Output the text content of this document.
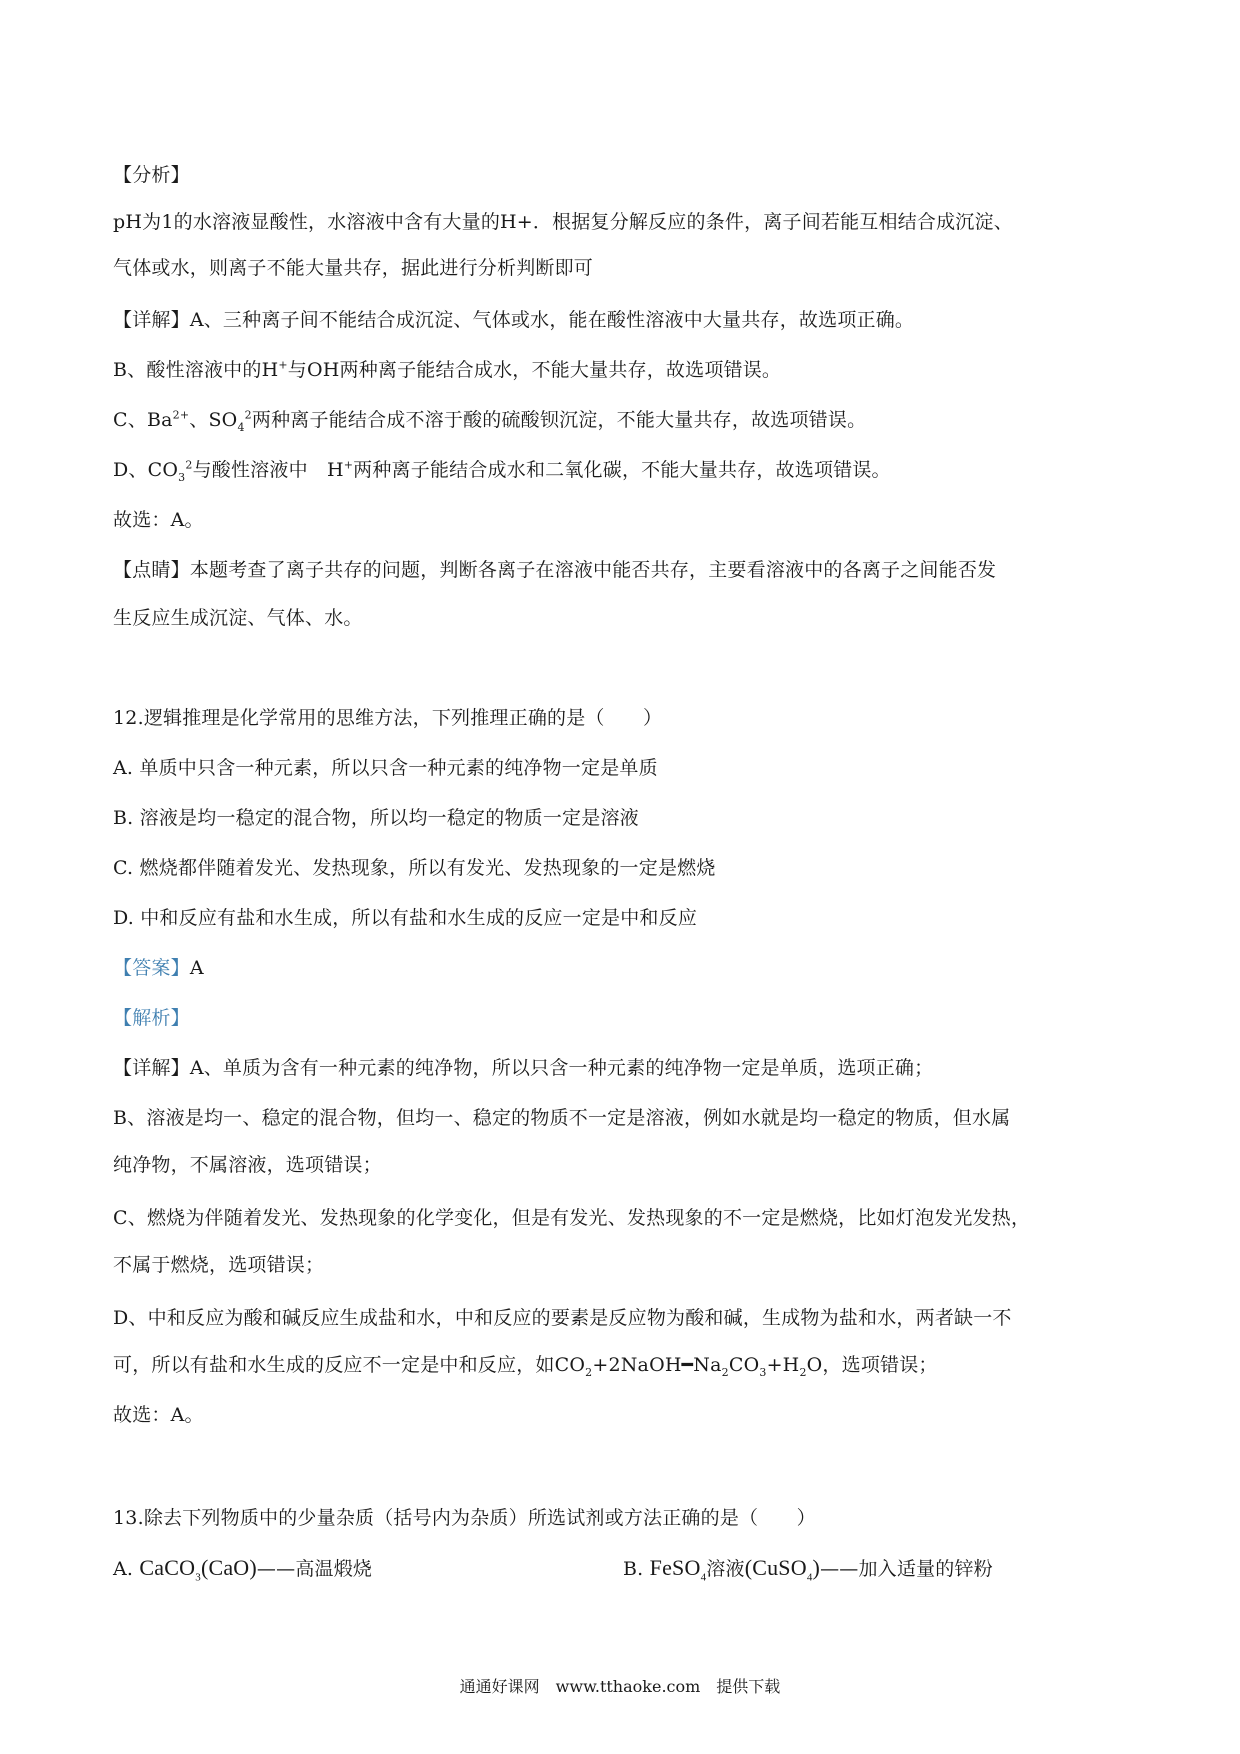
【分析】
pH为1的水溶液显酸性，水溶液中含有大量的H+．根据复分解反应的条件，离子间若能互相结合成沉淀、
气体或水，则离子不能大量共存，据此进行分析判断即可
【详解】A、三种离子间不能结合成沉淀、气体或水，能在酸性溶液中大量共存，故选项正确。
B、酸性溶液中的H+与OH两种离子能结合成水，不能大量共存，故选项错误。
C、$Ba^{2+}$、$SO_4^2$两种离子能结合成不溶于酸的硫酸钡沉淀，不能大量共存，故选项错误。
D、$CO_3^2$与酸性溶液中　H+两种离子能结合成水和二氧化碳，不能大量共存，故选项错误。
故选：A。
【点睛】本题考查了离子共存的问题，判断各离子在溶液中能否共存，主要看溶液中的各离子之间能否发
生反应生成沉淀、气体、水。
12.逻辑推理是化学常用的思维方法，下列推理正确的是（　　）
A. 单质中只含一种元素，所以只含一种元素的纯净物一定是单质
B. 溶液是均一稳定的混合物，所以均一稳定的物质一定是溶液
C. 燃烧都伴随着发光、发热现象，所以有发光、发热现象的一定是燃烧
D. 中和反应有盐和水生成，所以有盐和水生成的反应一定是中和反应
【答案】A
【解析】
【详解】A、单质为含有一种元素的纯净物，所以只含一种元素的纯净物一定是单质，选项正确；
B、溶液是均一、稳定的混合物，但均一、稳定的物质不一定是溶液，例如水就是均一稳定的物质，但水属
纯净物，不属溶液，选项错误；
C、燃烧为伴随着发光、发热现象的化学变化，但是有发光、发热现象的不一定是燃烧，比如灯泡发光发热，
不属于燃烧，选项错误；
D、中和反应为酸和碱反应生成盐和水，中和反应的要素是反应物为酸和碱，生成物为盐和水，两者缺一不
可，所以有盐和水生成的反应不一定是中和反应，如$CO_2+2NaOH━Na_2CO_3+H_2O$，选项错误；
故选：A。
13.除去下列物质中的少量杂质（括号内为杂质）所选试剂或方法正确的是（　　）
A. CaCO$_3$(CaO)——高温煅烧	B. FeSO$_4$溶液(CuSO$_4$)——加入适量的锌粉
通通好课网　www.tthaoke.com　提供下载
